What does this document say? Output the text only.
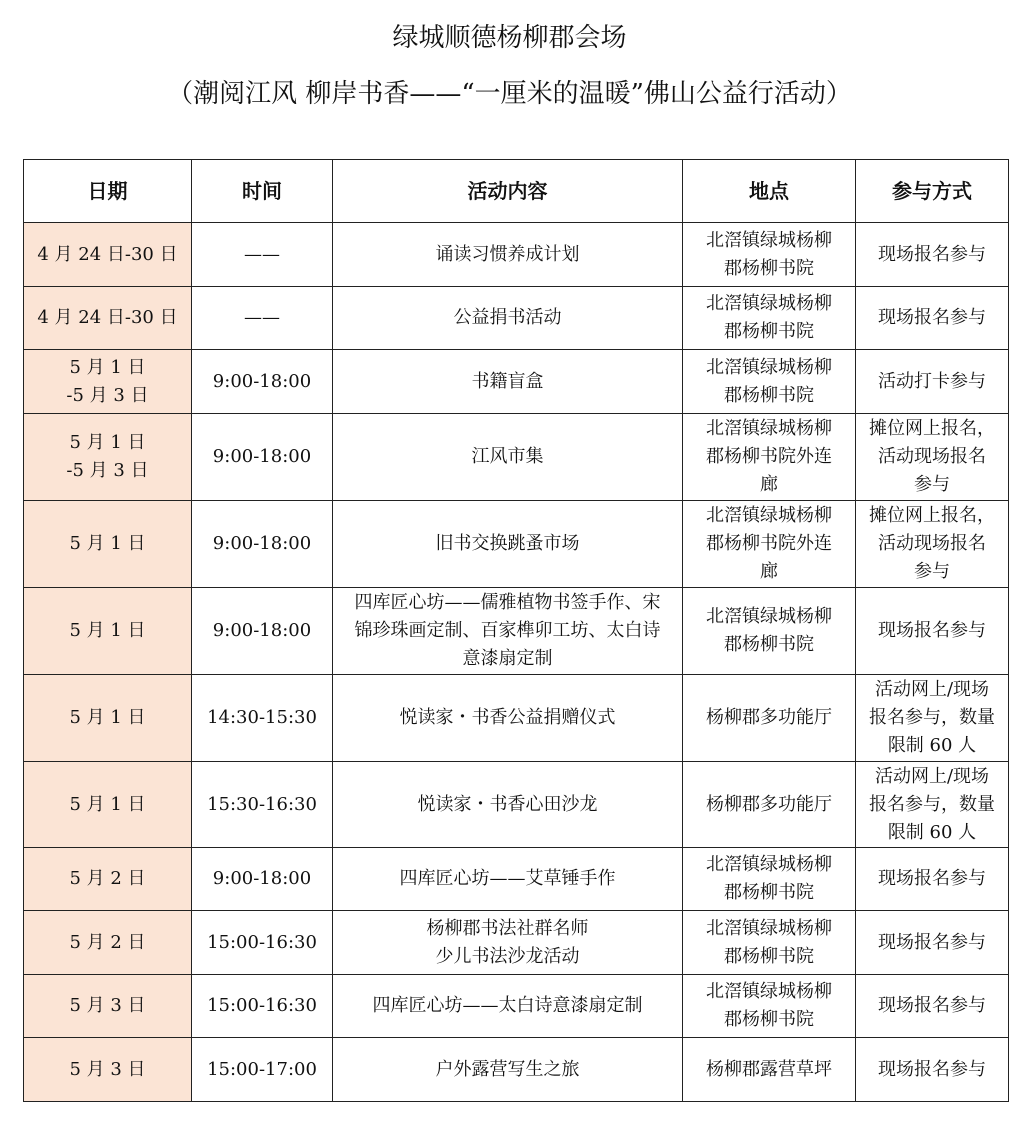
绿城顺德杨柳郡会场
（潮阅江风 柳岸书香——“一厘米的温暖”佛山公益行活动）
日期	时间	活动内容	地点	参与方式
4 月 24 日-30 日	——	诵读习惯养成计划	北滘镇绿城杨柳
郡杨柳书院	现场报名参与
4 月 24 日-30 日	——	公益捐书活动	北滘镇绿城杨柳
郡杨柳书院	现场报名参与
5 月 1 日
-5 月 3 日	9:00-18:00	书籍盲盒	北滘镇绿城杨柳
郡杨柳书院	活动打卡参与
5 月 1 日
-5 月 3 日	9:00-18:00	江风市集	北滘镇绿城杨柳
郡杨柳书院外连
廊	摊位网上报名，
活动现场报名
参与
5 月 1 日	9:00-18:00	旧书交换跳蚤市场	北滘镇绿城杨柳
郡杨柳书院外连
廊	摊位网上报名，
活动现场报名
参与
5 月 1 日	9:00-18:00	四库匠心坊——儒雅植物书签手作、宋
锦珍珠画定制、百家榫卯工坊、太白诗
意漆扇定制	北滘镇绿城杨柳
郡杨柳书院	现场报名参与
5 月 1 日	14:30-15:30	悦读家・书香公益捐赠仪式	杨柳郡多功能厅	活动网上/现场
报名参与，数量
限制 60 人
5 月 1 日	15:30-16:30	悦读家・书香心田沙龙	杨柳郡多功能厅	活动网上/现场
报名参与，数量
限制 60 人
5 月 2 日	9:00-18:00	四库匠心坊——艾草锤手作	北滘镇绿城杨柳
郡杨柳书院	现场报名参与
5 月 2 日	15:00-16:30	杨柳郡书法社群名师
少儿书法沙龙活动	北滘镇绿城杨柳
郡杨柳书院	现场报名参与
5 月 3 日	15:00-16:30	四库匠心坊——太白诗意漆扇定制	北滘镇绿城杨柳
郡杨柳书院	现场报名参与
5 月 3 日	15:00-17:00	户外露营写生之旅	杨柳郡露营草坪	现场报名参与
